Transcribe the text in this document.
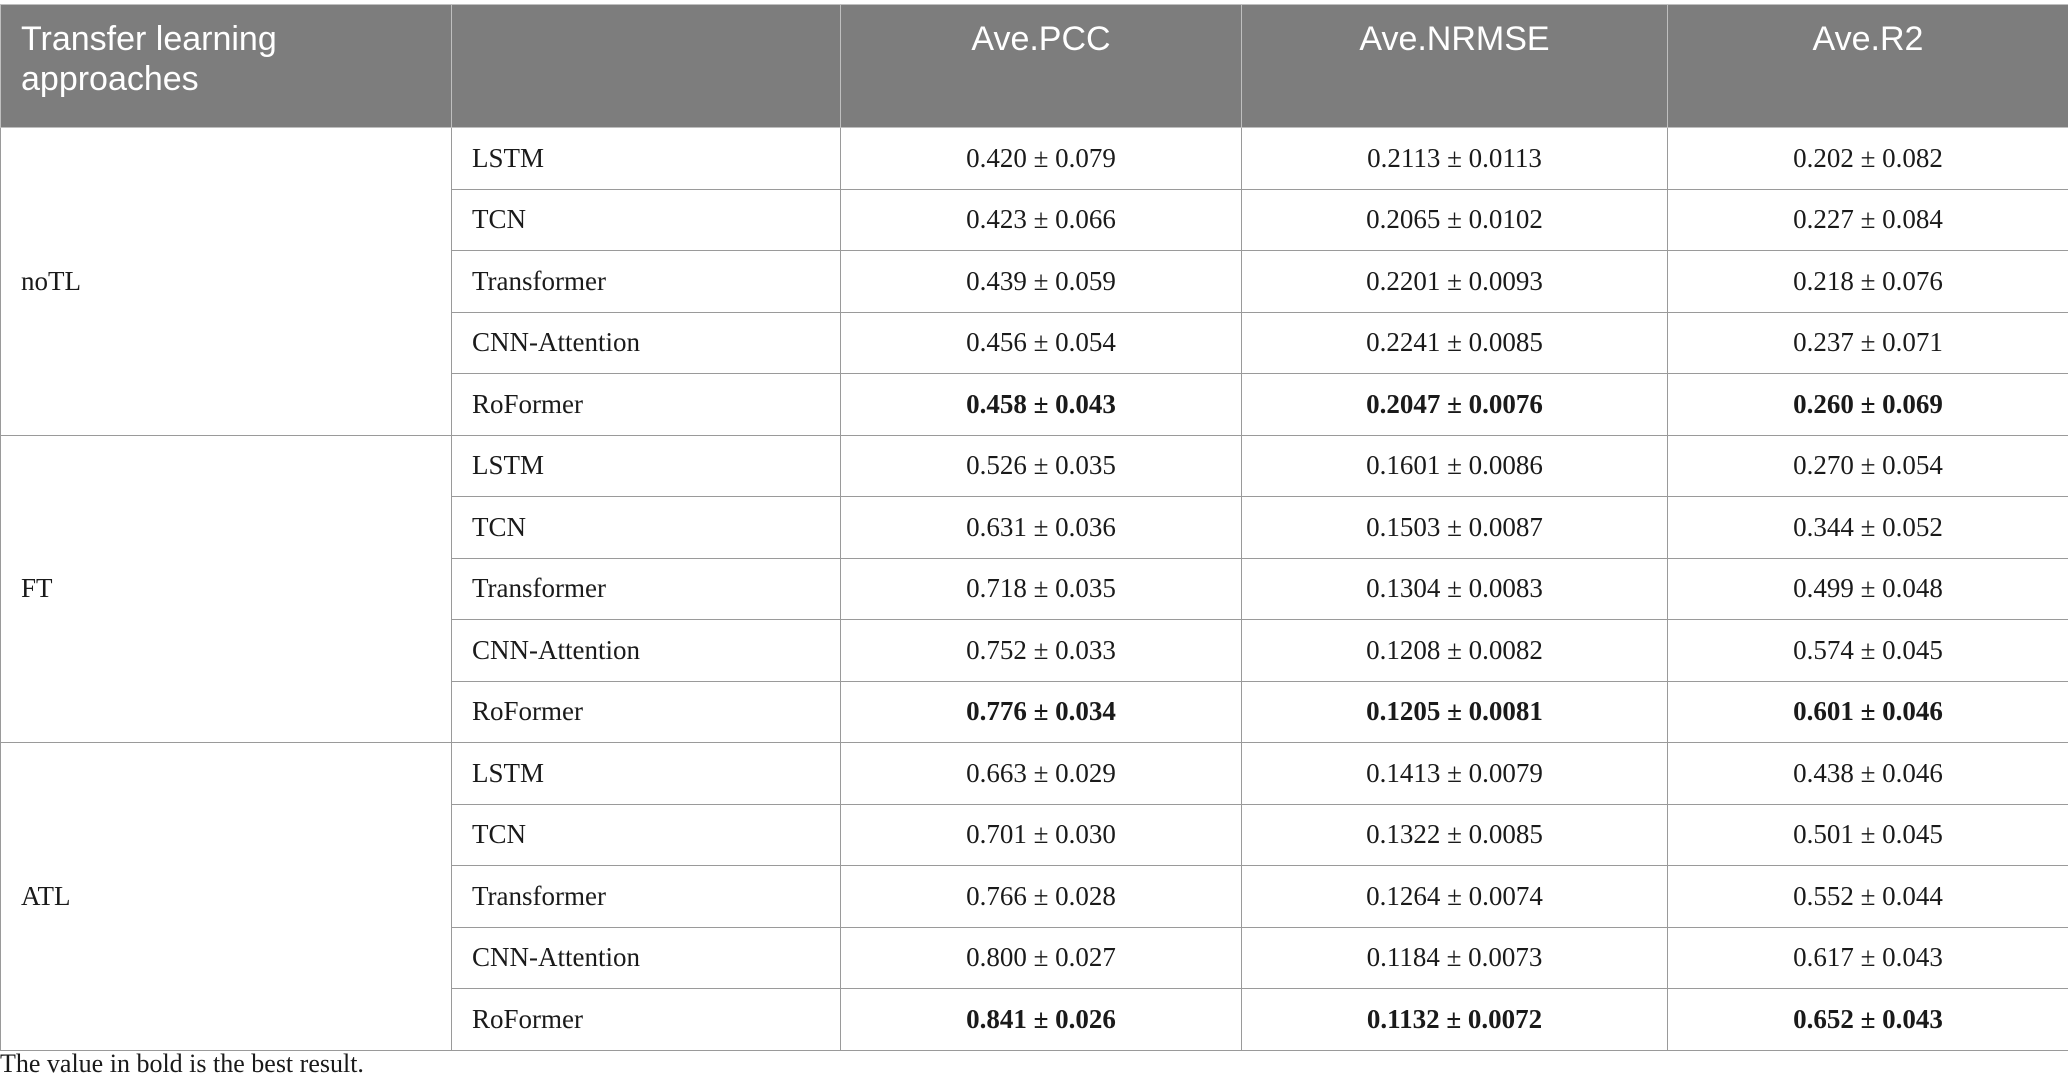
Transfer learning approaches		Ave.PCC	Ave.NRMSE	Ave.R2
noTL	LSTM	0.420 ± 0.079	0.2113 ± 0.0113	0.202 ± 0.082
	TCN	0.423 ± 0.066	0.2065 ± 0.0102	0.227 ± 0.084
	Transformer	0.439 ± 0.059	0.2201 ± 0.0093	0.218 ± 0.076
	CNN-Attention	0.456 ± 0.054	0.2241 ± 0.0085	0.237 ± 0.071
	RoFormer	0.458 ± 0.043	0.2047 ± 0.0076	0.260 ± 0.069
FT	LSTM	0.526 ± 0.035	0.1601 ± 0.0086	0.270 ± 0.054
	TCN	0.631 ± 0.036	0.1503 ± 0.0087	0.344 ± 0.052
	Transformer	0.718 ± 0.035	0.1304 ± 0.0083	0.499 ± 0.048
	CNN-Attention	0.752 ± 0.033	0.1208 ± 0.0082	0.574 ± 0.045
	RoFormer	0.776 ± 0.034	0.1205 ± 0.0081	0.601 ± 0.046
ATL	LSTM	0.663 ± 0.029	0.1413 ± 0.0079	0.438 ± 0.046
	TCN	0.701 ± 0.030	0.1322 ± 0.0085	0.501 ± 0.045
	Transformer	0.766 ± 0.028	0.1264 ± 0.0074	0.552 ± 0.044
	CNN-Attention	0.800 ± 0.027	0.1184 ± 0.0073	0.617 ± 0.043
	RoFormer	0.841 ± 0.026	0.1132 ± 0.0072	0.652 ± 0.043
The value in bold is the best result.
